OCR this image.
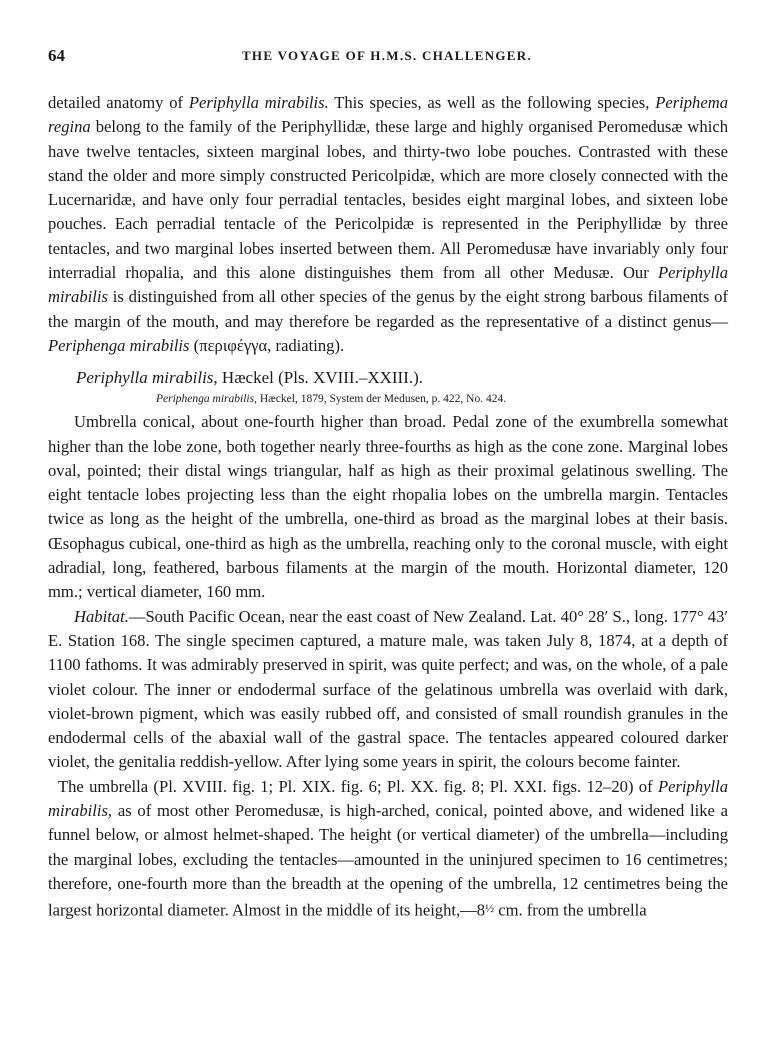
64	THE VOYAGE OF H.M.S. CHALLENGER.

detailed anatomy of Periphylla mirabilis. This species, as well as the following species, Periphema regina belong to the family of the Periphyllidæ, these large and highly organised Peromedusæ which have twelve tentacles, sixteen marginal lobes, and thirty-two lobe pouches. Contrasted with these stand the older and more simply constructed Pericolpidæ, which are more closely connected with the Lucernaridæ, and have only four perradial tentacles, besides eight marginal lobes, and sixteen lobe pouches. Each perradial tentacle of the Pericolpidæ is represented in the Periphyllidæ by three tentacles, and two marginal lobes inserted between them. All Peromedusæ have invariably only four interradial rhopalia, and this alone distinguishes them from all other Medusæ. Our Periphylla mirabilis is distinguished from all other species of the genus by the eight strong barbous filaments of the margin of the mouth, and may therefore be regarded as the representative of a distinct genus—Periphenga mirabilis (περιφέγγα, radiating).

Periphylla mirabilis, Hæckel (Pls. XVIII.–XXIII.).

Periphenga mirabilis, Hæckel, 1879, System der Medusen, p. 422, No. 424.

Umbrella conical, about one-fourth higher than broad. Pedal zone of the exumbrella somewhat higher than the lobe zone, both together nearly three-fourths as high as the cone zone. Marginal lobes oval, pointed; their distal wings triangular, half as high as their proximal gelatinous swelling. The eight tentacle lobes projecting less than the eight rhopalia lobes on the umbrella margin. Tentacles twice as long as the height of the umbrella, one-third as broad as the marginal lobes at their basis. Œsophagus cubical, one-third as high as the umbrella, reaching only to the coronal muscle, with eight adradial, long, feathered, barbous filaments at the margin of the mouth. Horizontal diameter, 120 mm.; vertical diameter, 160 mm.

Habitat.—South Pacific Ocean, near the east coast of New Zealand. Lat. 40° 28′ S., long. 177° 43′ E. Station 168. The single specimen captured, a mature male, was taken July 8, 1874, at a depth of 1100 fathoms. It was admirably preserved in spirit, was quite perfect; and was, on the whole, of a pale violet colour. The inner or endodermal surface of the gelatinous umbrella was overlaid with dark, violet-brown pigment, which was easily rubbed off, and consisted of small roundish granules in the endodermal cells of the abaxial wall of the gastral space. The tentacles appeared coloured darker violet, the genitalia reddish-yellow. After lying some years in spirit, the colours become fainter.

The umbrella (Pl. XVIII. fig. 1; Pl. XIX. fig. 6; Pl. XX. fig. 8; Pl. XXI. figs. 12–20) of Periphylla mirabilis, as of most other Peromedusæ, is high-arched, conical, pointed above, and widened like a funnel below, or almost helmet-shaped. The height (or vertical diameter) of the umbrella—including the marginal lobes, excluding the tentacles—amounted in the uninjured specimen to 16 centimetres; therefore, one-fourth more than the breadth at the opening of the umbrella, 12 centimetres being the largest horizontal diameter. Almost in the middle of its $height,—8^{\frac{1}{2}}$ cm. from the umbrella
